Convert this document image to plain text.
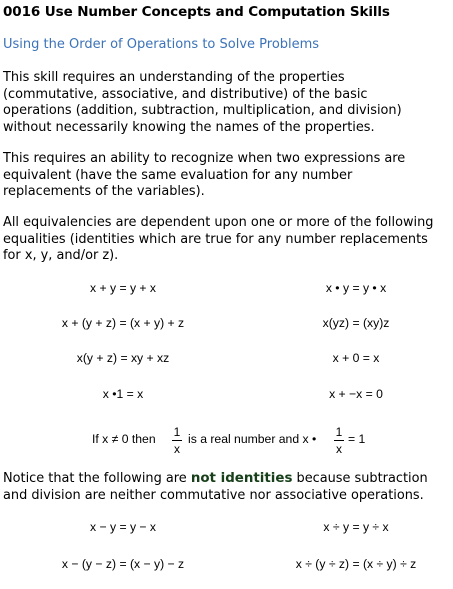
0016 Use Number Concepts and Computation Skills
Using the Order of Operations to Solve Problems
This skill requires an understanding of the properties
(commutative, associative, and distributive) of the basic
operations (addition, subtraction, multiplication, and division)
without necessarily knowing the names of the properties.
This requires an ability to recognize when two expressions are
equivalent (have the same evaluation for any number
replacements of the variables).
All equivalencies are dependent upon one or more of the following
equalities (identities which are true for any number replacements
for x, y, and/or z).
x + y = y + x	x • y = y • x
x + (y + z) = (x + y) + z	x(yz) = (xy)z
x(y + z) = xy + xz	x + 0 = x
x •1 = x	x + −x = 0
If x ≠ 0 then 1
x
is a real number and x • 1
x
= 1
Notice that the following are not identities because subtraction
and division are neither commutative nor associative operations.
x − y = y − x	x ÷ y = y ÷ x
x − (y − z) = (x − y) − z	x ÷ (y ÷ z) = (x ÷ y) ÷ z
